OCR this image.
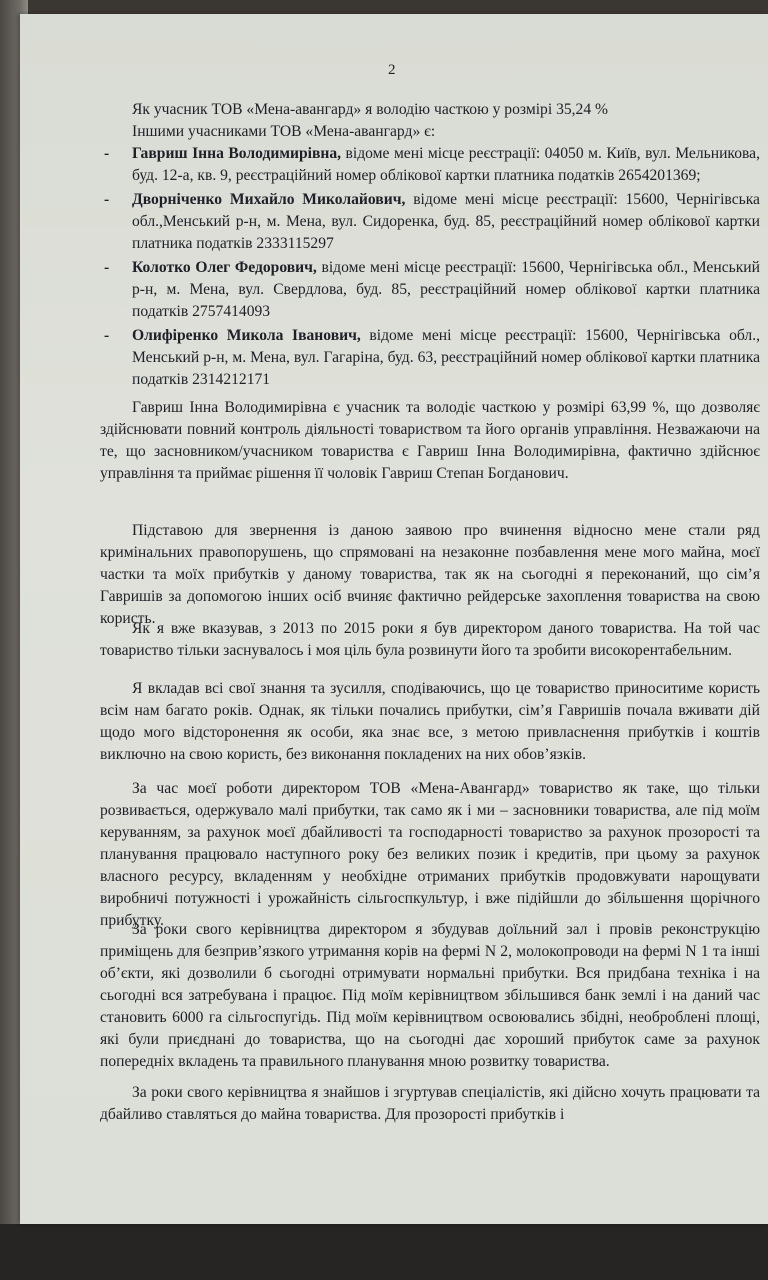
2

Як учасник ТОВ «Мена-авангард» я володію часткою у розмірі 35,24 %

Іншими учасниками ТОВ «Мена-авангард» є:

- Гавриш Інна Володимирівна, відоме мені місце реєстрації: 04050 м. Київ, вул. Мельникова, буд. 12-а, кв. 9, реєстраційний номер облікової картки платника податків 2654201369;
- Дворніченко Михайло Миколайович, відоме мені місце реєстрації: 15600, Чернігівська обл.,Менський р-н, м. Мена, вул. Сидоренка, буд. 85, реєстраційний номер облікової картки платника податків 2333115297
- Колотко Олег Федорович, відоме мені місце реєстрації: 15600, Чернігівська обл., Менський р-н, м. Мена, вул. Свердлова, буд. 85, реєстраційний номер облікової картки платника податків 2757414093
- Олифіренко Микола Іванович, відоме мені місце реєстрації: 15600, Чернігівська обл., Менський р-н, м. Мена, вул. Гагаріна, буд. 63, реєстраційний номер облікової картки платника податків 2314212171

Гавриш Інна Володимирівна є учасник та володіє часткою у розмірі 63,99 %, що дозволяє здійснювати повний контроль діяльності товариством та його органів управління. Незважаючи на те, що засновником/учасником товариства є Гавриш Інна Володимирівна, фактично здійснює управління та приймає рішення її чоловік Гавриш Степан Богданович.

Підставою для звернення із даною заявою про вчинення відносно мене стали ряд кримінальних правопорушень, що спрямовані на незаконне позбавлення мене мого майна, моєї частки та моїх прибутків у даному товариства, так як на сьогодні я переконаний, що сім’я Гавришів за допомогою інших осіб вчиняє фактично рейдерське захоплення товариства на свою користь.

Як я вже вказував, з 2013 по 2015 роки я був директором даного товариства. На той час товариство тільки заснувалось і моя ціль була розвинути його та зробити високорентабельним.

Я вкладав всі свої знання та зусилля, сподіваючись, що це товариство приноситиме користь всім нам багато років. Однак, як тільки почались прибутки, сім’я Гавришів почала вживати дій щодо мого відсторонення як особи, яка знає все, з метою привласнення прибутків і коштів виключно на свою користь, без виконання покладених на них обов’язків.

За час моєї роботи директором ТОВ «Мена-Авангард» товариство як таке, що тільки розвивається, одержувало малі прибутки, так само як і ми – засновники товариства, але під моїм керуванням, за рахунок моєї дбайливості та господарності товариство за рахунок прозорості та планування працювало наступного року без великих позик і кредитів, при цьому за рахунок власного ресурсу, вкладенням у необхідне отриманих прибутків продовжувати нарощувати виробничі потужності і урожайність сільгоспкультур, і вже підійшли до збільшення щорічного прибутку.

За роки свого керівництва директором я збудував доїльний зал і провів реконструкцію приміщень для безприв’язкого утримання корів на фермі N 2, молокопроводи на фермі N 1 та інші об’єкти, які дозволили б сьогодні отримувати нормальні прибутки. Вся придбана техніка і на сьогодні вся затребувана і працює. Під моїм керівництвом збільшився банк землі і на даний час становить 6000 га сільгоспугідь. Під моїм керівництвом освоювались збідні, необроблені площі, які були приєднані до товариства, що на сьогодні дає хороший прибуток саме за рахунок попередніх вкладень та правильного планування мною розвитку товариства.

За роки свого керівництва я знайшов і згуртував спеціалістів, які дійсно хочуть працювати та дбайливо ставляться до майна товариства. Для прозорості прибутків і
